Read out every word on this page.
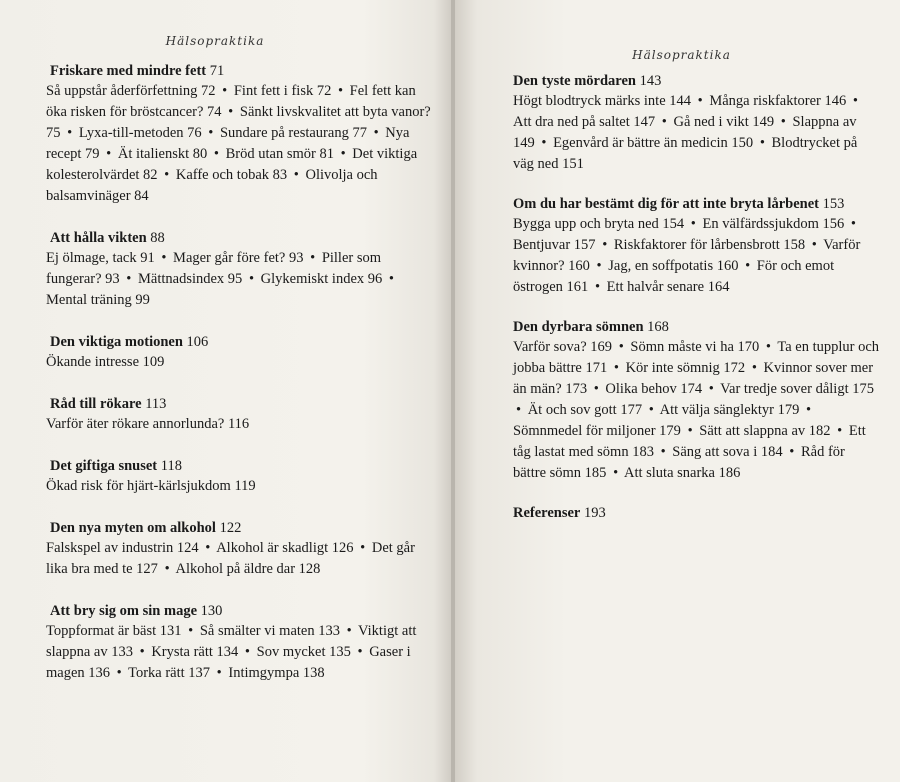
Hälsopraktika
Friskare med mindre fett 71
Så uppstår åderförfettning 72 • Fint fett i fisk 72 • Fel fett kan öka risken för bröstcancer? 74 • Sänkt livskvalitet att byta vanor? 75 • Lyxa-till-metoden 76 • Sundare på restaurang 77 • Nya recept 79 • Ät italienskt 80 • Bröd utan smör 81 • Det viktiga kolesterolvärdet 82 • Kaffe och tobak 83 • Olivolja och balsamvinäger 84
Att hålla vikten 88
Ej ölmage, tack 91 • Mager går före fet? 93 • Piller som fungerar? 93 • Mättnadsindex 95 • Glykemiskt index 96 • Mental träning 99
Den viktiga motionen 106
Ökande intresse 109
Råd till rökare 113
Varför äter rökare annorlunda? 116
Det giftiga snuset 118
Ökad risk för hjärt-kärlsjukdom 119
Den nya myten om alkohol 122
Falskspel av industrin 124 • Alkohol är skadligt 126 • Det går lika bra med te 127 • Alkohol på äldre dar 128
Att bry sig om sin mage 130
Toppformat är bäst 131 • Så smälter vi maten 133 • Viktigt att slappna av 133 • Krysta rätt 134 • Sov mycket 135 • Gaser i magen 136 • Torka rätt 137 • Intimgympa 138
Hälsopraktika
Den tyste mördaren 143
Högt blodtryck märks inte 144 • Många riskfaktorer 146 • Att dra ned på saltet 147 • Gå ned i vikt 149 • Slappna av 149 • Egenvård är bättre än medicin 150 • Blodtrycket på väg ned 151
Om du har bestämt dig för att inte bryta lårbenet 153
Bygga upp och bryta ned 154 • En välfärdssjukdom 156 • Bentjuvar 157 • Riskfaktorer för lårbensbrott 158 • Varför kvinnor? 160 • Jag, en soffpotatis 160 • För och emot östrogen 161 • Ett halvår senare 164
Den dyrbara sömnen 168
Varför sova? 169 • Sömn måste vi ha 170 • Ta en tupplur och jobba bättre 171 • Kör inte sömnig 172 • Kvinnor sover mer än män? 173 • Olika behov 174 • Var tredje sover dåligt 175 • Ät och sov gott 177 • Att välja sänglektyr 179 • Sömnmedel för miljoner 179 • Sätt att slappna av 182 • Ett tåg lastat med sömn 183 • Säng att sova i 184 • Råd för bättre sömn 185 • Att sluta snarka 186
Referenser 193
